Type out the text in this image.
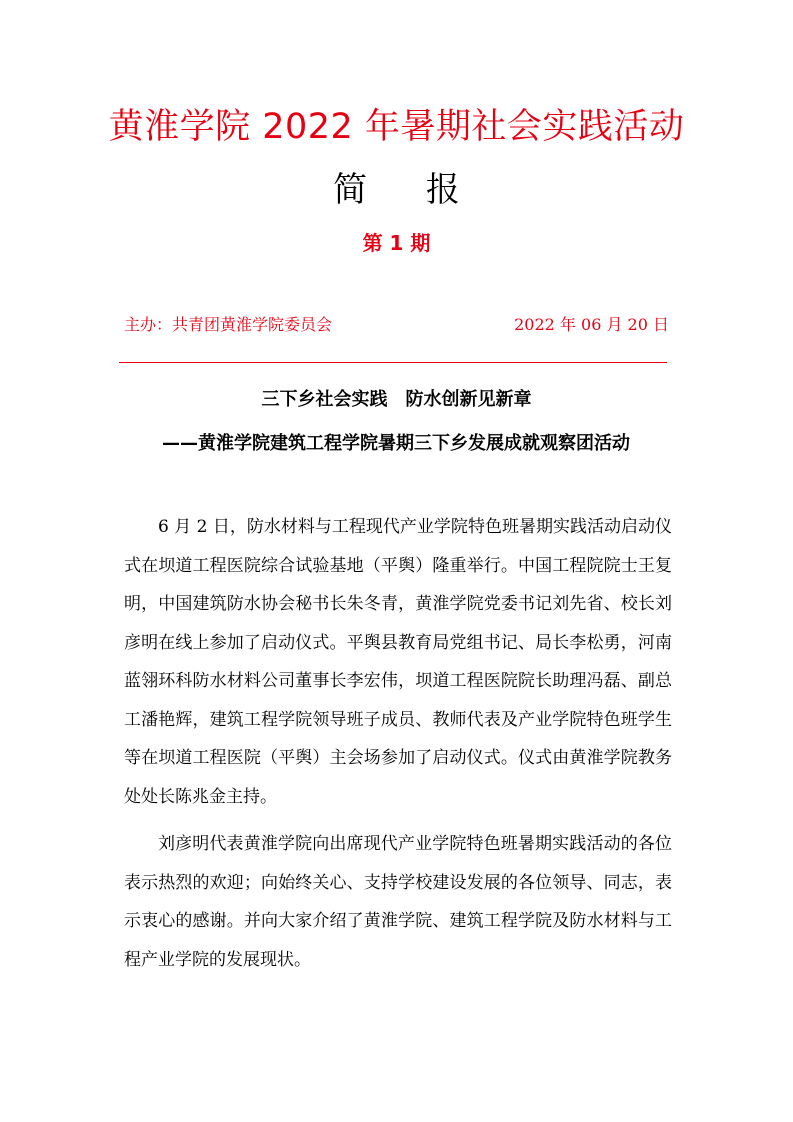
黄淮学院 2022 年暑期社会实践活动
简 报
第 1 期
主办：共青团黄淮学院委员会	2022 年 06 月 20 日
三下乡社会实践　防水创新见新章
——黄淮学院建筑工程学院暑期三下乡发展成就观察团活动

6 月 2 日，防水材料与工程现代产业学院特色班暑期实践活动启动仪式在坝道工程医院综合试验基地（平舆）隆重举行。中国工程院院士王复明，中国建筑防水协会秘书长朱冬青，黄淮学院党委书记刘先省、校长刘彦明在线上参加了启动仪式。平舆县教育局党组书记、局长李松勇，河南蓝翎环科防水材料公司董事长李宏伟，坝道工程医院院长助理冯磊、副总工潘艳辉，建筑工程学院领导班子成员、教师代表及产业学院特色班学生等在坝道工程医院（平舆）主会场参加了启动仪式。仪式由黄淮学院教务处处长陈兆金主持。

刘彦明代表黄淮学院向出席现代产业学院特色班暑期实践活动的各位表示热烈的欢迎；向始终关心、支持学校建设发展的各位领导、同志，表示衷心的感谢。并向大家介绍了黄淮学院、建筑工程学院及防水材料与工程产业学院的发展现状。
